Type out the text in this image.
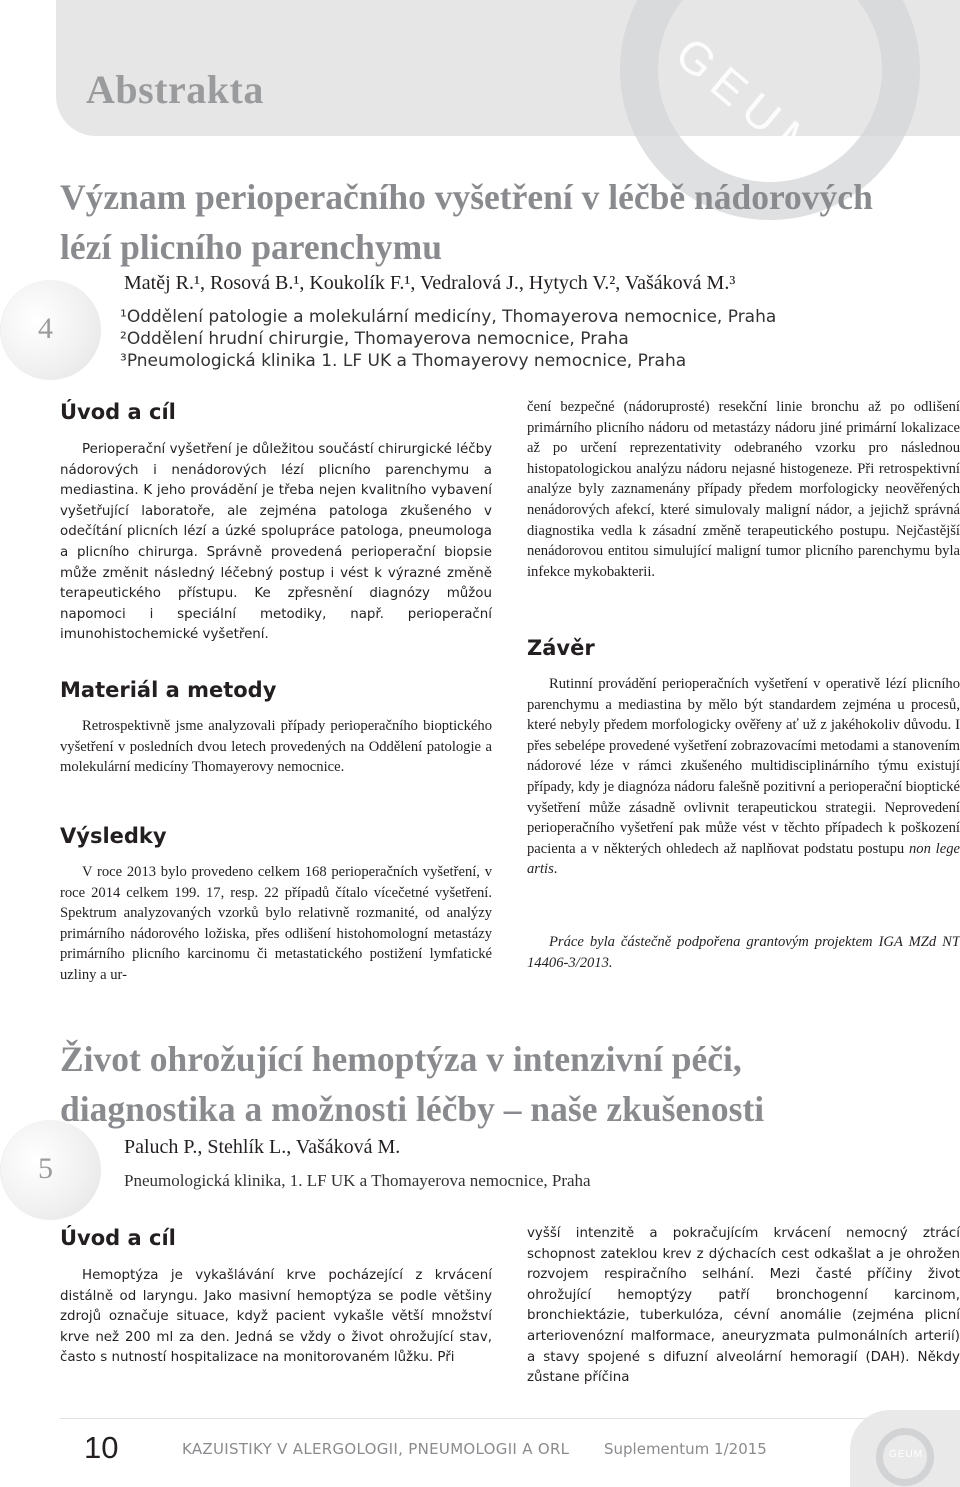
GEUM
Abstrakta
4
Význam perioperačního vyšetření v léčbě nádorových
lézí plicního parenchymu
Matěj R.¹, Rosová B.¹, Koukolík F.¹, Vedralová J., Hytych V.², Vašáková M.³
¹Oddělení patologie a molekulární medicíny, Thomayerova nemocnice, Praha
²Oddělení hrudní chirurgie, Thomayerova nemocnice, Praha
³Pneumologická klinika 1. LF UK a Thomayerovy nemocnice, Praha
Úvod a cíl
Perioperační vyšetření je důležitou součástí chirurgické léčby nádorových i nenádorových lézí plicního parenchymu a mediastina. K jeho provádění je třeba nejen kvalitního vybavení vyšetřující laboratoře, ale zejména patologa zkušeného v odečítání plicních lézí a úzké spolupráce patologa, pneumologa a plicního chirurga. Správně provedená perioperační biopsie může změnit následný léčebný postup i vést k výrazné změně terapeutického přístupu. Ke zpřesnění diagnózy můžou napomoci i speciální metodiky, např. perioperační imunohistochemické vyšetření.
Materiál a metody
Retrospektivně jsme analyzovali případy perioperačního bioptického vyšetření v posledních dvou letech provedených na Oddělení patologie a molekulární medicíny Thomayerovy nemocnice.
Výsledky
V roce 2013 bylo provedeno celkem 168 perioperačních vyšetření, v roce 2014 celkem 199. 17, resp. 22 případů čítalo vícečetné vyšetření. Spektrum analyzovaných vzorků bylo relativně rozmanité, od analýzy primárního nádorového ložiska, přes odlišení histohomologní metastázy primárního plicního karcinomu či metastatického postižení lymfatické uzliny a ur-
čení bezpečné (nádoruprosté) resekční linie bronchu až po odlišení primárního plicního nádoru od metastázy nádoru jiné primární lokalizace až po určení reprezentativity odebraného vzorku pro následnou histopatologickou analýzu nádoru nejasné histogeneze. Při retrospektivní analýze byly zaznamenány případy předem morfologicky neověřených nenádorových afekcí, které simulovaly maligní nádor, a jejichž správná diagnostika vedla k zásadní změně terapeutického postupu. Nejčastější nenádorovou entitou simulující maligní tumor plicního parenchymu byla infekce mykobakterii.
Závěr
Rutinní provádění perioperačních vyšetření v operativě lézí plicního parenchymu a mediastina by mělo být standardem zejména u procesů, které nebyly předem morfologicky ověřeny ať už z jakéhokoliv důvodu. I přes sebelépe provedené vyšetření zobrazovacími metodami a stanovením nádorové léze v rámci zkušeného multidisciplinárního týmu existují případy, kdy je diagnóza nádoru falešně pozitivní a perioperační bioptické vyšetření může zásadně ovlivnit terapeutickou strategii. Neprovedení perioperačního vyšetření pak může vést v těchto případech k poškození pacienta a v některých ohledech až naplňovat podstatu postupu non lege artis.
Práce byla částečně podpořena grantovým projektem IGA MZd NT 14406-3/2013.
5
Život ohrožující hemoptýza v intenzivní péči,
diagnostika a možnosti léčby – naše zkušenosti
Paluch P., Stehlík L., Vašáková M.
Pneumologická klinika, 1. LF UK a Thomayerova nemocnice, Praha
Úvod a cíl
Hemoptýza je vykašlávání krve pocházející z krvácení distálně od laryngu. Jako masivní hemoptýza se podle většiny zdrojů označuje situace, když pacient vykašle větší množství krve než 200 ml za den. Jedná se vždy o život ohrožující stav, často s nutností hospitalizace na monitorovaném lůžku. Při
vyšší intenzitě a pokračujícím krvácení nemocný ztrácí schopnost zateklou krev z dýchacích cest odkašlat a je ohrožen rozvojem respiračního selhání. Mezi časté příčiny život ohrožující hemoptýzy patří bronchogenní karcinom, bronchiektázie, tuberkulóza, cévní anomálie (zejména plicní arteriovenózní malformace, aneuryzmata pulmonálních arterií) a stavy spojené s difuzní alveolární hemoragií (DAH). Někdy zůstane příčina
10	KAZUISTIKY V ALERGOLOGII, PNEUMOLOGII A ORL Suplementum 1/2015	GEUM
